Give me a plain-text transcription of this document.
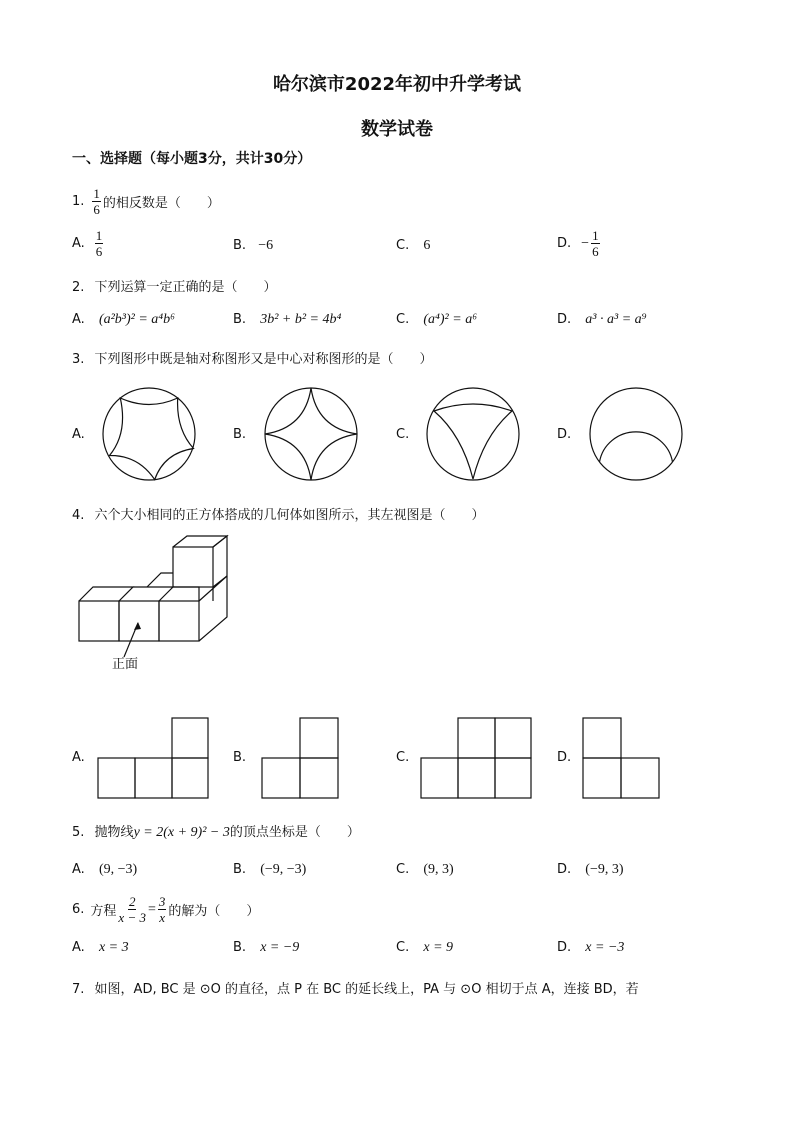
哈尔滨市2022年初中升学考试
数学试卷
一、选择题（每小题3分，共计30分）
1. $\frac{1}{6}$ 的相反数是（　　）
A. $\frac{1}{6}$	B. −6	C. 6	D. − $\frac{1}{6}$
2. 下列运算一定正确的是（　　）
A. (a²b³)² = a⁴b⁶	B. 3b² + b² = 4b⁴	C. (a⁴)² = a⁶	D. a³ · a³ = a⁹
3. 下列图形中既是轴对称图形又是中心对称图形的是（　　）
A.	B.	C.	D.
4. 六个大小相同的正方体搭成的几何体如图所示，其左视图是（　　）
正面
A.	B.	C.	D.
5. 抛物线y = 2(x + 9)² − 3的顶点坐标是（　　）
A. (9, −3)	B. (−9, −3)	C. (9, 3)	D. (−9, 3)
6. 方程 $\frac{2}{x - 3} = \frac{3}{x}$ 的解为（　　）
A. x = 3	B. x = −9	C. x = 9	D. x = −3
7. 如图，AD, BC 是 ⊙O 的直径，点 P 在 BC 的延长线上，PA 与 ⊙O 相切于点 A，连接 BD，若
